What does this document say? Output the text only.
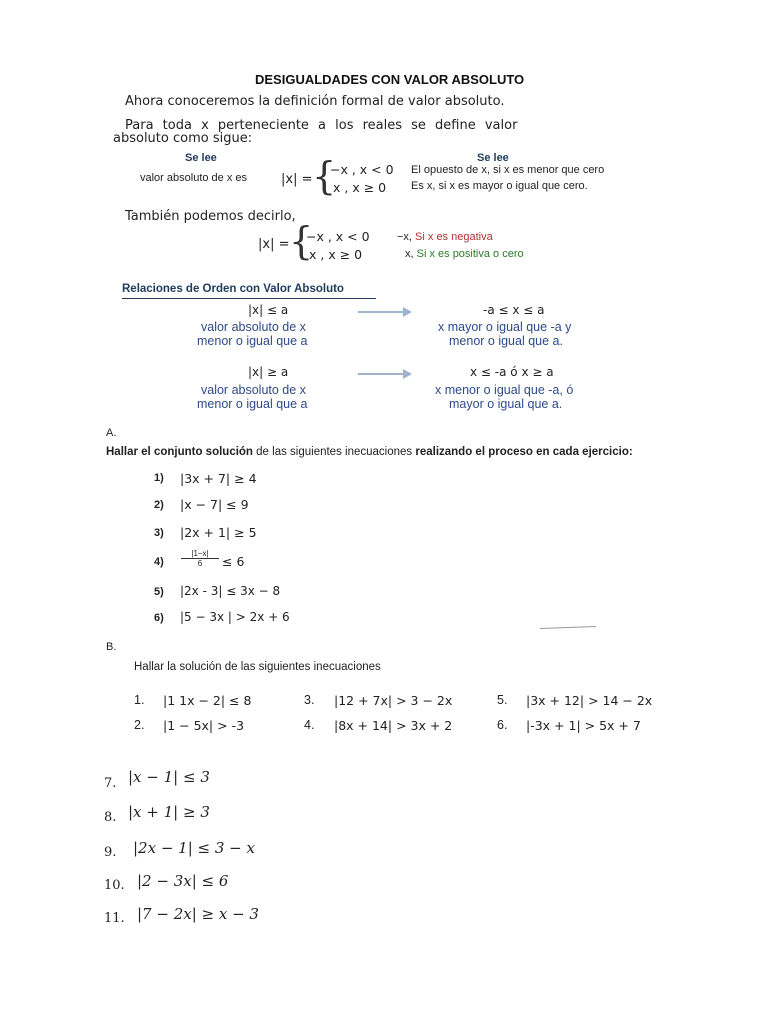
DESIGUALDADES CON VALOR ABSOLUTO
Ahora conoceremos la definición formal de valor absoluto.
Para toda x perteneciente a los reales se define valor
absoluto como sigue:
Se lee	Se lee
valor absoluto de x es	|x| = {
−x , x < 0
x , x ≥ 0
El opuesto de x, si x es menor que cero
Es x, si x es mayor o igual que cero.
También podemos decirlo,
|x| = {
−x , x < 0
x , x ≥ 0
−x, Si x es negativa
x, Si x es positiva o cero
Relaciones de Orden con Valor Absoluto
|x| ≤ a	-a ≤ x ≤ a
valor absoluto de x
menor o igual que a
x mayor o igual que -a y
menor o igual que a.
|x| ≥ a	x ≤ -a ó x ≥ a
valor absoluto de x
menor o igual que a
x menor o igual que -a, ó
mayor o igual que a.
A.
Hallar el conjunto solución de las siguientes inecuaciones realizando el proceso en cada ejercicio:
1) |3x + 7| ≥ 4
2) |x − 7| ≤ 9
3) |2x + 1| ≥ 5
$4) \frac{|1-x|}{6} \le 6$
5) |2x - 3| ≤ 3x − 8
6) |5 − 3x | > 2x + 6
B.
Hallar la solución de las siguientes inecuaciones
1. |1 1x − 2| ≤ 8	3. |12 + 7x| > 3 − 2x	5. |3x + 12| > 14 − 2x
2. |1 − 5x| > -3	4. |8x + 14| > 3x + 2	6. |-3x + 1| > 5x + 7
7. |x − 1| ≤ 3
8. |x + 1| ≥ 3
9. |2x − 1| ≤ 3 − x
10. |2 − 3x| ≤ 6
11. |7 − 2x| ≥ x − 3
